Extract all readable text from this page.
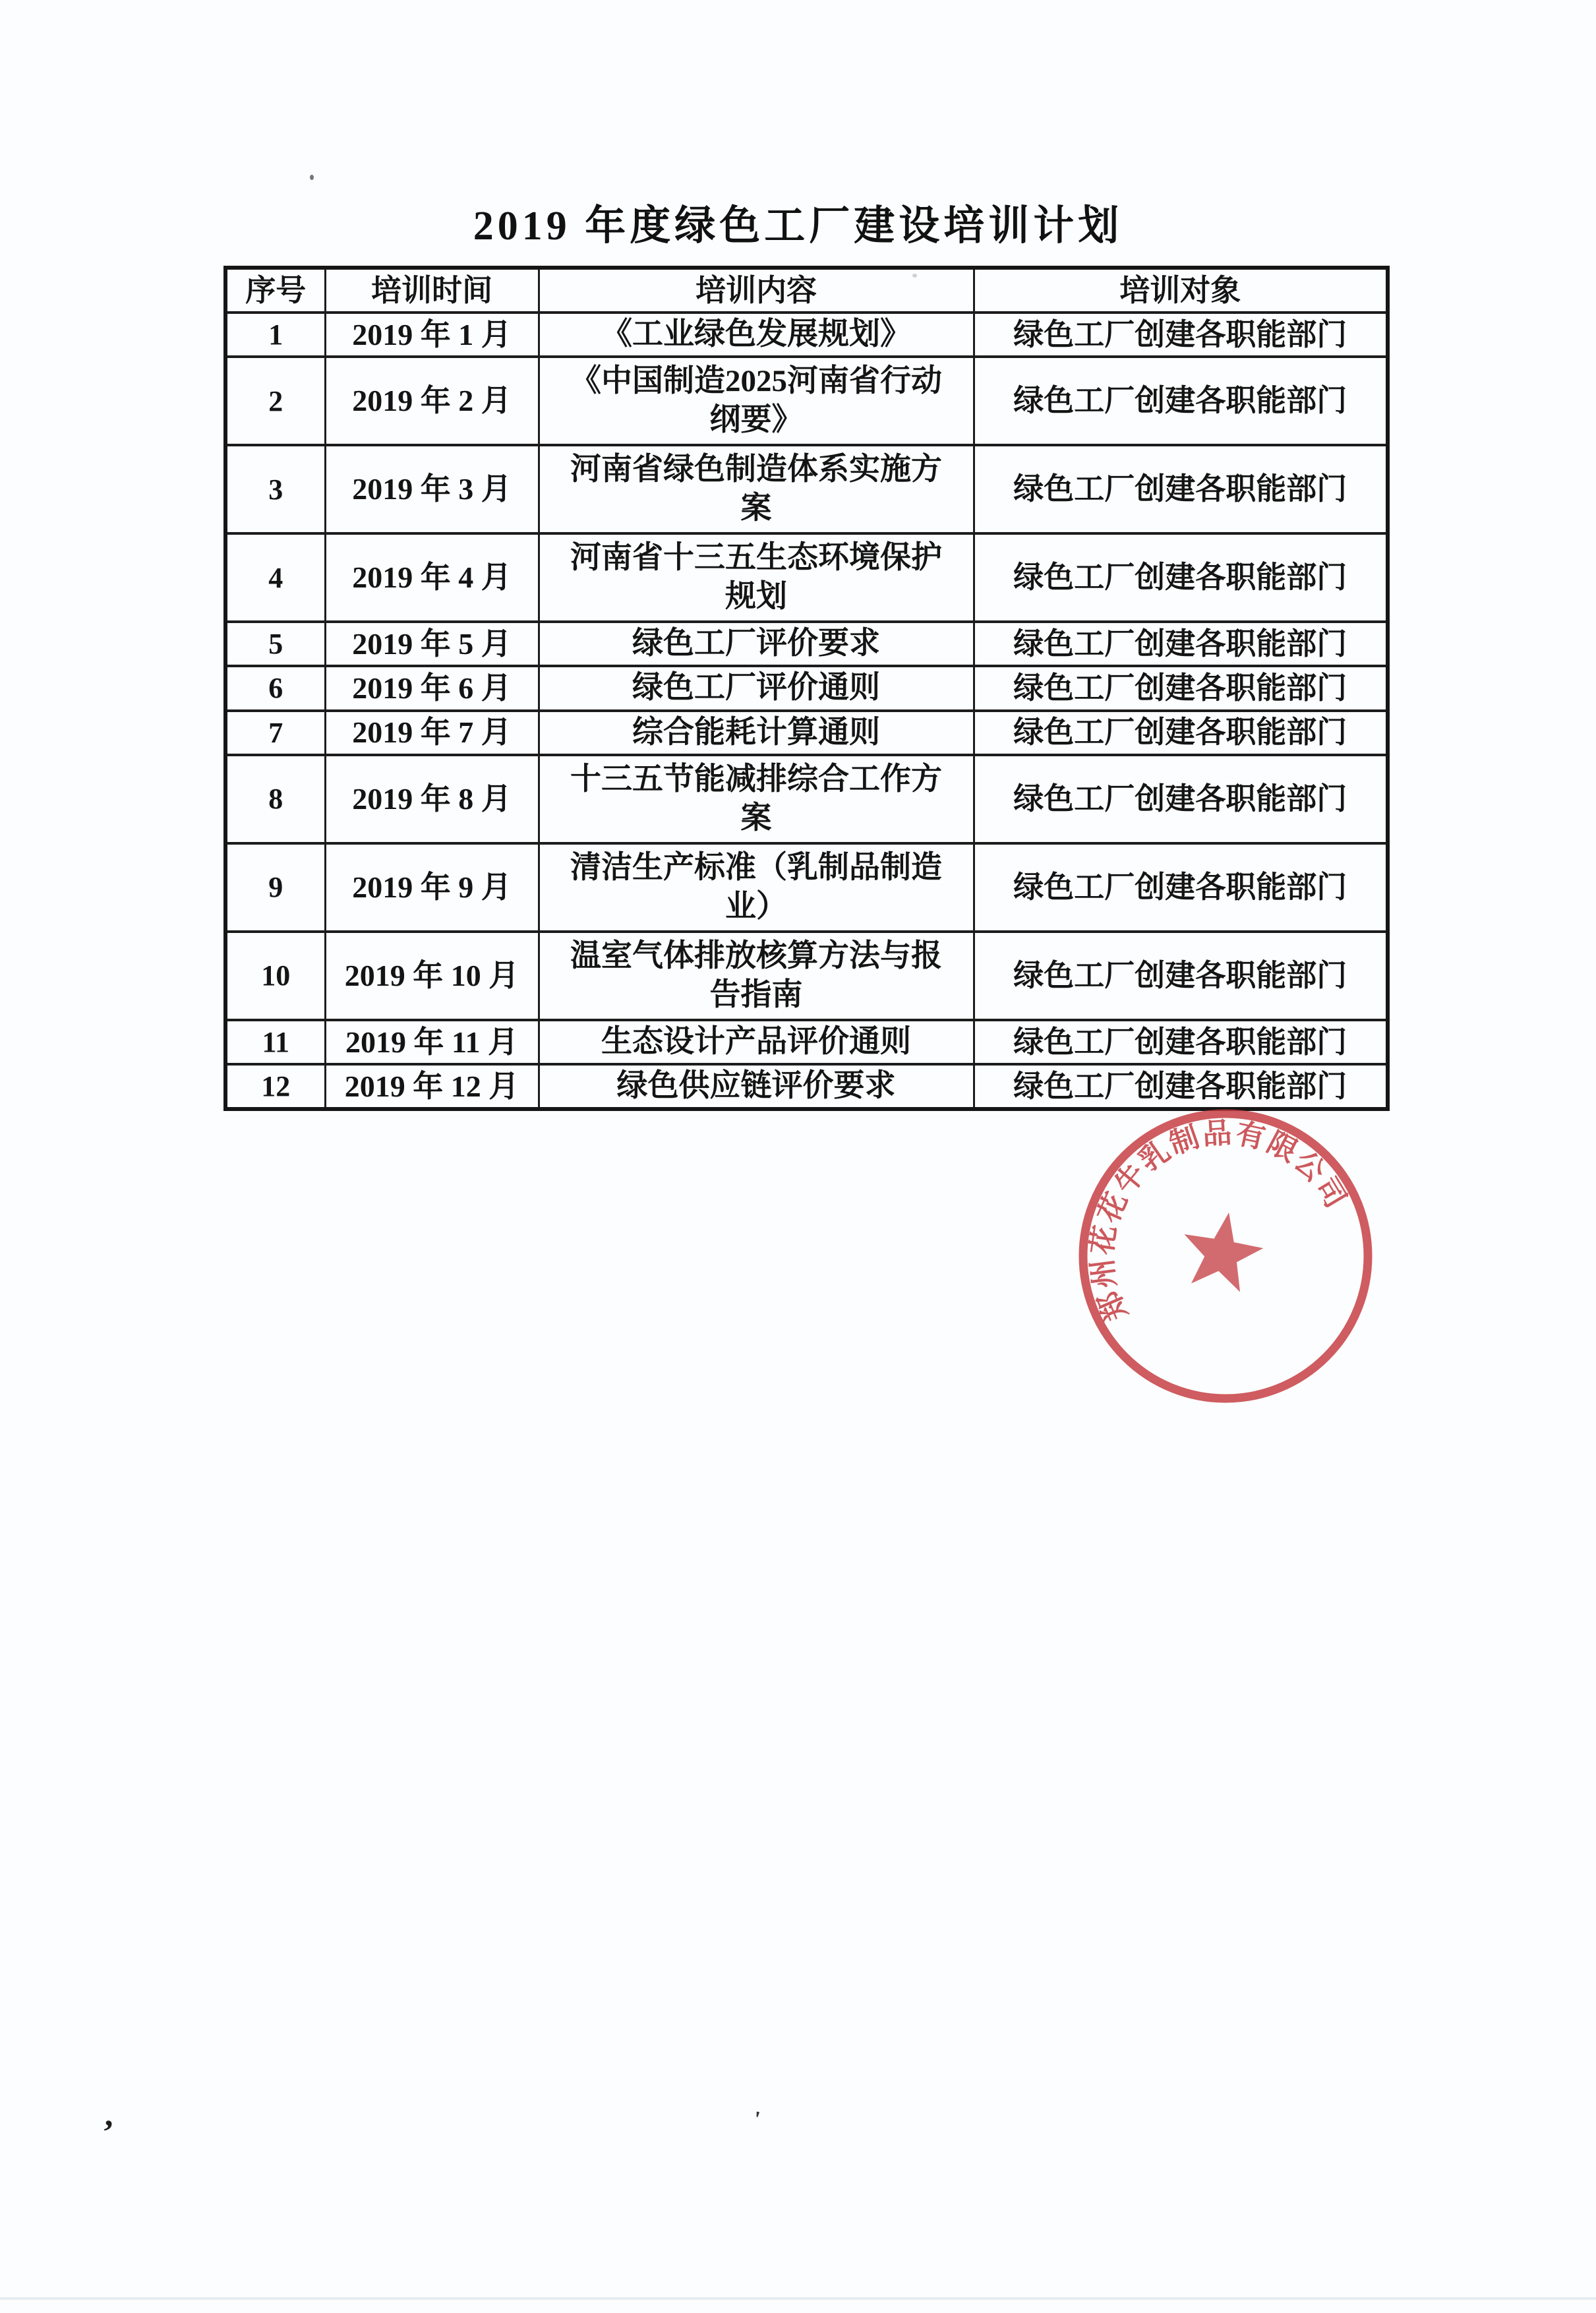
2019 年度绿色工厂建设培训计划
序号	培训时间	培训内容	培训对象
1	2019 年 1 月	《工业绿色发展规划》	绿色工厂创建各职能部门
2	2019 年 2 月	《中国制造2025河南省行动纲要》	绿色工厂创建各职能部门
3	2019 年 3 月	河南省绿色制造体系实施方案	绿色工厂创建各职能部门
4	2019 年 4 月	河南省十三五生态环境保护规划	绿色工厂创建各职能部门
5	2019 年 5 月	绿色工厂评价要求	绿色工厂创建各职能部门
6	2019 年 6 月	绿色工厂评价通则	绿色工厂创建各职能部门
7	2019 年 7 月	综合能耗计算通则	绿色工厂创建各职能部门
8	2019 年 8 月	十三五节能减排综合工作方案	绿色工厂创建各职能部门
9	2019 年 9 月	清洁生产标准（乳制品制造业）	绿色工厂创建各职能部门
10	2019 年 10 月	温室气体排放核算方法与报告指南	绿色工厂创建各职能部门
11	2019 年 11 月	生态设计产品评价通则	绿色工厂创建各职能部门
12	2019 年 12 月	绿色供应链评价要求	绿色工厂创建各职能部门
郑州花花牛乳制品有限公司
,	'
